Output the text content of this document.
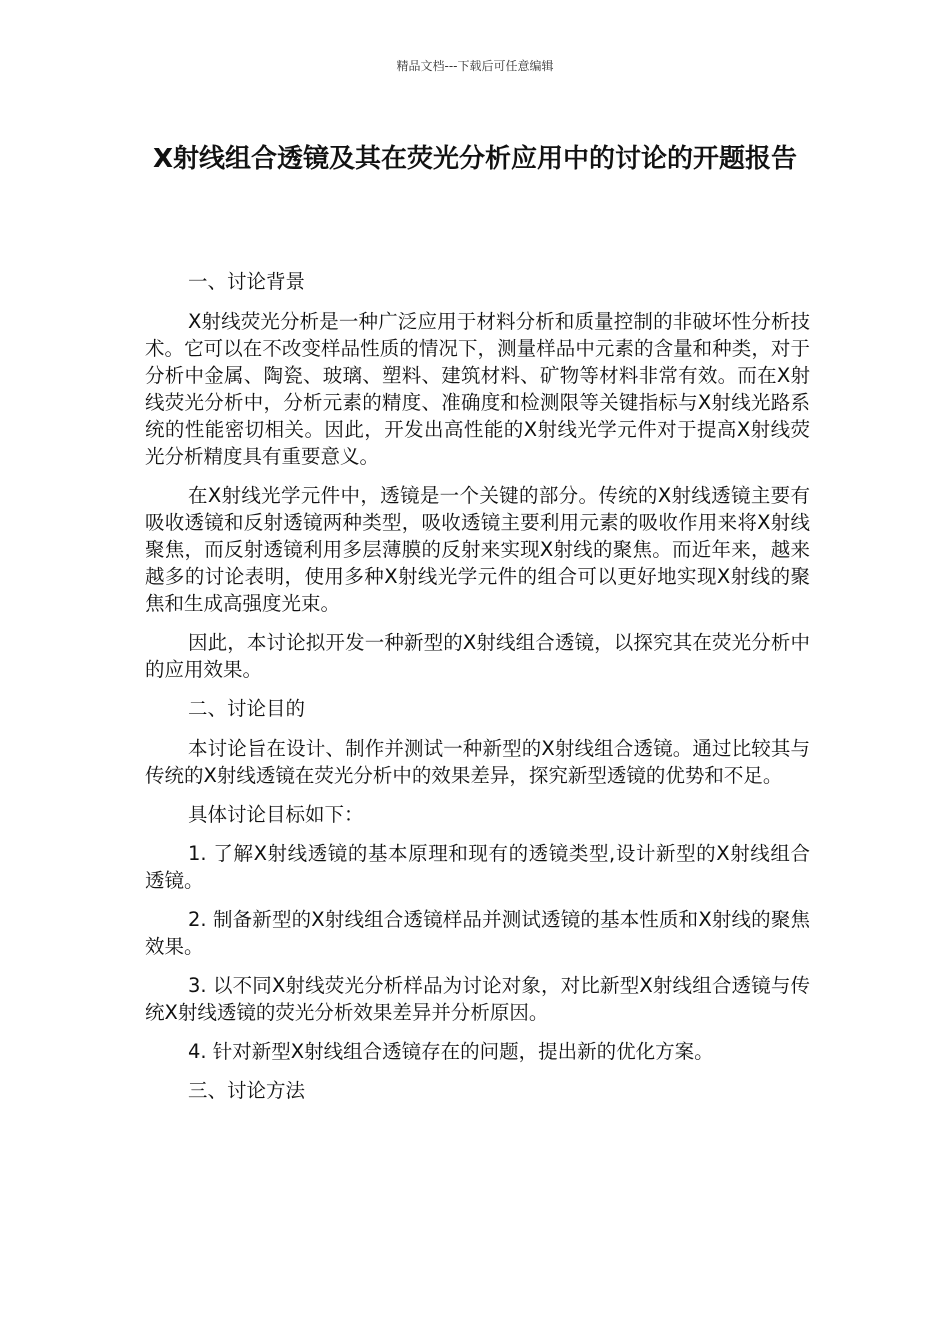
精品文档---下载后可任意编辑
X射线组合透镜及其在荧光分析应用中的讨论的开题报告

一、讨论背景

X射线荧光分析是一种广泛应用于材料分析和质量控制的非破坏性分析技术。它可以在不改变样品性质的情况下，测量样品中元素的含量和种类，对于分析中金属、陶瓷、玻璃、塑料、建筑材料、矿物等材料非常有效。而在X射线荧光分析中，分析元素的精度、准确度和检测限等关键指标与X射线光路系统的性能密切相关。因此，开发出高性能的X射线光学元件对于提高X射线荧光分析精度具有重要意义。

在X射线光学元件中，透镜是一个关键的部分。传统的X射线透镜主要有吸收透镜和反射透镜两种类型，吸收透镜主要利用元素的吸收作用来将X射线聚焦，而反射透镜利用多层薄膜的反射来实现X射线的聚焦。而近年来，越来越多的讨论表明，使用多种X射线光学元件的组合可以更好地实现X射线的聚焦和生成高强度光束。

因此，本讨论拟开发一种新型的X射线组合透镜，以探究其在荧光分析中的应用效果。

二、讨论目的

本讨论旨在设计、制作并测试一种新型的X射线组合透镜。通过比较其与传统的X射线透镜在荧光分析中的效果差异，探究新型透镜的优势和不足。

具体讨论目标如下：

1. 了解X射线透镜的基本原理和现有的透镜类型,设计新型的X射线组合透镜。

2. 制备新型的X射线组合透镜样品并测试透镜的基本性质和X射线的聚焦效果。

3. 以不同X射线荧光分析样品为讨论对象，对比新型X射线组合透镜与传统X射线透镜的荧光分析效果差异并分析原因。

4. 针对新型X射线组合透镜存在的问题，提出新的优化方案。

三、讨论方法
